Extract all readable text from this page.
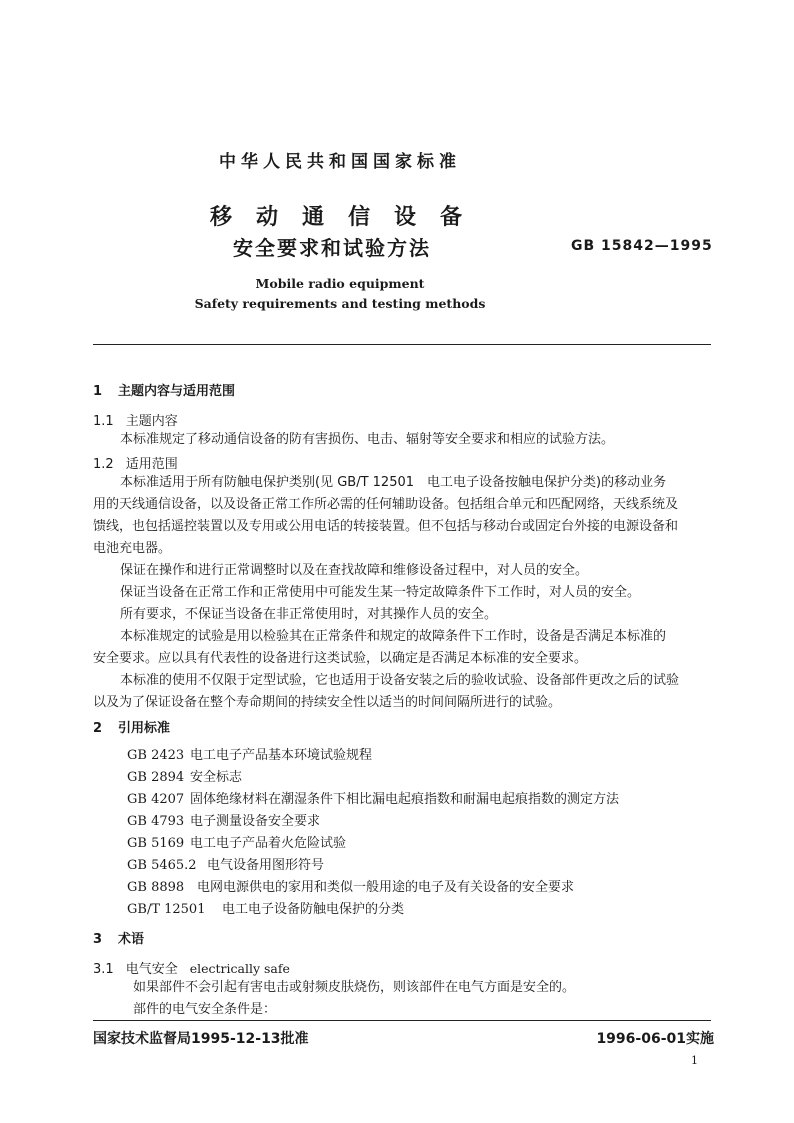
中华人民共和国国家标准
移动通信设备
安全要求和试验方法	GB 15842—1995
Mobile radio equipment
Safety requirements and testing methods
1 主题内容与适用范围
1.1 主题内容
本标准规定了移动通信设备的防有害损伤、电击、辐射等安全要求和相应的试验方法。
1.2 适用范围
本标准适用于所有防触电保护类别(见 GB/T 12501　电工电子设备按触电保护分类)的移动业务
用的天线通信设备，以及设备正常工作所必需的任何辅助设备。包括组合单元和匹配网络，天线系统及
馈线，也包括遥控装置以及专用或公用电话的转接装置。但不包括与移动台或固定台外接的电源设备和
电池充电器。
保证在操作和进行正常调整时以及在查找故障和维修设备过程中，对人员的安全。
保证当设备在正常工作和正常使用中可能发生某一特定故障条件下工作时，对人员的安全。
所有要求，不保证当设备在非正常使用时，对其操作人员的安全。
本标准规定的试验是用以检验其在正常条件和规定的故障条件下工作时，设备是否满足本标准的
安全要求。应以具有代表性的设备进行这类试验，以确定是否满足本标准的安全要求。
本标准的使用不仅限于定型试验，它也适用于设备安装之后的验收试验、设备部件更改之后的试验
以及为了保证设备在整个寿命期间的持续安全性以适当的时间间隔所进行的试验。
2 引用标准
GB 2423 电工电子产品基本环境试验规程
GB 2894 安全标志
GB 4207 固体绝缘材料在潮湿条件下相比漏电起痕指数和耐漏电起痕指数的测定方法
GB 4793 电子测量设备安全要求
GB 5169 电工电子产品着火危险试验
GB 5465.2 电气设备用图形符号
GB 8898 电网电源供电的家用和类似一般用途的电子及有关设备的安全要求
GB/T 12501 电工电子设备防触电保护的分类
3 术语
3.1 电气安全 electrically safe
如果部件不会引起有害电击或射频皮肤烧伤，则该部件在电气方面是安全的。
部件的电气安全条件是：
国家技术监督局1995-12-13批准	1996-06-01实施
1
